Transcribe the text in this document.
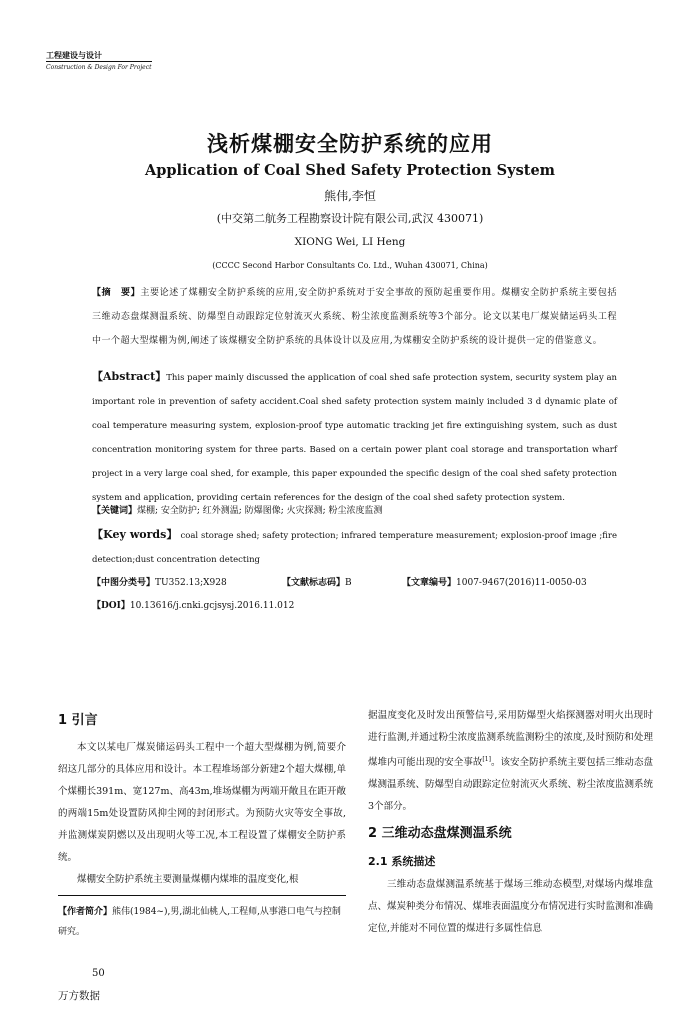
工程建设与设计
Construction & Design For Project
浅析煤棚安全防护系统的应用
Application of Coal Shed Safety Protection System
熊伟,李恒
(中交第二航务工程勘察设计院有限公司,武汉 430071)
XIONG Wei, LI Heng
(CCCC Second Harbor Consultants Co. Ltd., Wuhan 430071, China)
【摘　要】主要论述了煤棚安全防护系统的应用,安全防护系统对于安全事故的预防起重要作用。煤棚安全防护系统主要包括三维动态盘煤测温系统、防爆型自动跟踪定位射流灭火系统、粉尘浓度监测系统等3个部分。论文以某电厂煤炭储运码头工程中一个超大型煤棚为例,阐述了该煤棚安全防护系统的具体设计以及应用,为煤棚安全防护系统的设计提供一定的借鉴意义。
【Abstract】This paper mainly discussed the application of coal shed safe protection system, security system play an important role in prevention of safety accident.Coal shed safety protection system mainly included 3 d dynamic plate of coal temperature measuring system, explosion-proof type automatic tracking jet fire extinguishing system, such as dust concentration monitoring system for three parts. Based on a certain power plant coal storage and transportation wharf project in a very large coal shed, for example, this paper expounded the specific design of the coal shed safety protection system and application, providing certain references for the design of the coal shed safety protection system.
【关键词】煤棚; 安全防护; 红外测温; 防爆图像; 火灾探测; 粉尘浓度监测
【Key words】 coal storage shed; safety protection; infrared temperature measurement; explosion-proof image ;fire detection;dust concentration detecting
【中图分类号】TU352.13;X928	【文献标志码】B	【文章编号】1007-9467(2016)11-0050-03
【DOI】10.13616/j.cnki.gcjsysj.2016.11.012
1 引言

本文以某电厂煤炭储运码头工程中一个超大型煤棚为例,简要介绍这几部分的具体应用和设计。本工程堆场部分新建2个超大煤棚,单个煤棚长391m、宽127m、高43m,堆场煤棚为两端开敞且在距开敞的两端15m处设置防风抑尘网的封闭形式。为预防火灾等安全事故,并监测煤炭阴燃以及出现明火等工况,本工程设置了煤棚安全防护系统。

煤棚安全防护系统主要测量煤棚内煤堆的温度变化,根

【作者简介】熊伟(1984~),男,湖北仙桃人,工程师,从事港口电气与控制研究。

据温度变化及时发出预警信号,采用防爆型火焰探测器对明火出现时进行监测,并通过粉尘浓度监测系统监测粉尘的浓度,及时预防和处理煤堆内可能出现的安全事故[1]。该安全防护系统主要包括三维动态盘煤测温系统、防爆型自动跟踪定位射流灭火系统、粉尘浓度监测系统3个部分。

2 三维动态盘煤测温系统
2.1 系统描述

三维动态盘煤测温系统基于煤场三维动态模型,对煤场内煤堆盘点、煤炭种类分布情况、煤堆表面温度分布情况进行实时监测和准确定位,并能对不同位置的煤进行多属性信息

50
万方数据
